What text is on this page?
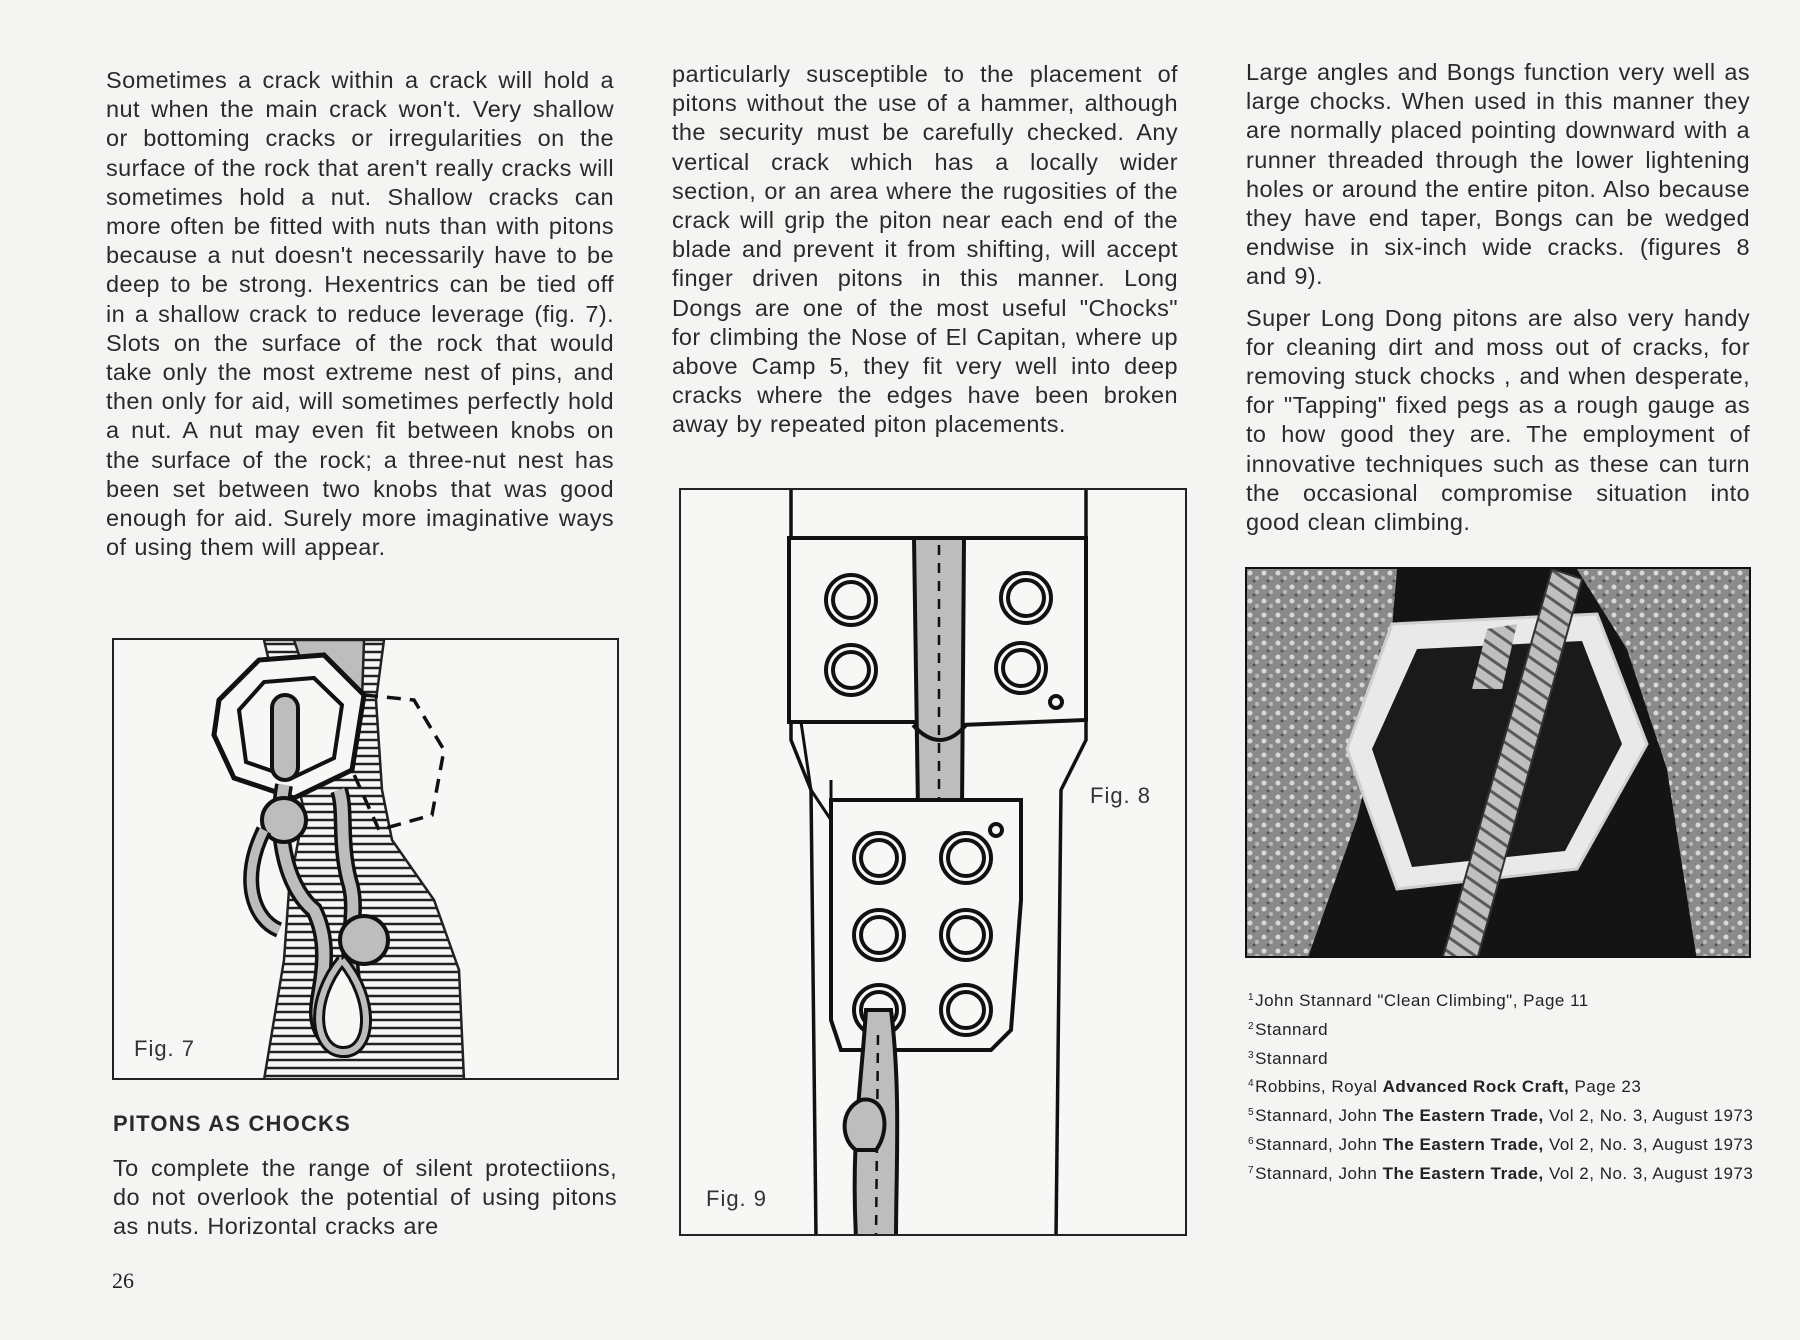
Sometimes a crack within a crack will hold a nut when the main crack won't. Very shallow or bottoming cracks or irregularities on the surface of the rock that aren't really cracks will sometimes hold a nut. Shallow cracks can more often be fitted with nuts than with pitons because a nut doesn't necessarily have to be deep to be strong. Hexentrics can be tied off in a shallow crack to reduce leverage (fig. 7). Slots on the surface of the rock that would take only the most extreme nest of pins, and then only for aid, will sometimes perfectly hold a nut. A nut may even fit between knobs on the surface of the rock; a three-nut nest has been set between two knobs that was good enough for aid. Surely more imaginative ways of using them will appear.

Fig. 7
PITONS AS CHOCKS

To complete the range of silent protectiions, do not overlook the potential of using pitons as nuts. Horizontal cracks are

particularly susceptible to the placement of pitons without the use of a hammer, although the security must be carefully checked. Any vertical crack which has a locally wider section, or an area where the rugosities of the crack will grip the piton near each end of the blade and prevent it from shifting, will accept finger driven pitons in this manner. Long Dongs are one of the most useful "Chocks" for climbing the Nose of El Capitan, where up above Camp 5, they fit very well into deep cracks where the edges have been broken away by repeated piton placements.

Fig. 8
Fig. 9

Large angles and Bongs function very well as large chocks. When used in this manner they are normally placed pointing downward with a runner threaded through the lower lightening holes or around the entire piton. Also because they have end taper, Bongs can be wedged endwise in six-inch wide cracks. (figures 8 and 9).

Super Long Dong pitons are also very handy for cleaning dirt and moss out of cracks, for removing stuck chocks , and when desperate, for "Tapping" fixed pegs as a rough gauge as to how good they are. The employment of innovative techniques such as these can turn the occasional compromise situation into good clean climbing.

$^1$John Stannard "Clean Climbing", Page 11

$^2$Stannard

$^3$Stannard

$^4$Robbins, Royal Advanced Rock Craft, Page 23

$^5$Stannard, John The Eastern Trade, Vol 2, No. 3, August 1973

$^6$Stannard, John The Eastern Trade, Vol 2, No. 3, August 1973

$^7$Stannard, John The Eastern Trade, Vol 2, No. 3, August 1973

26
